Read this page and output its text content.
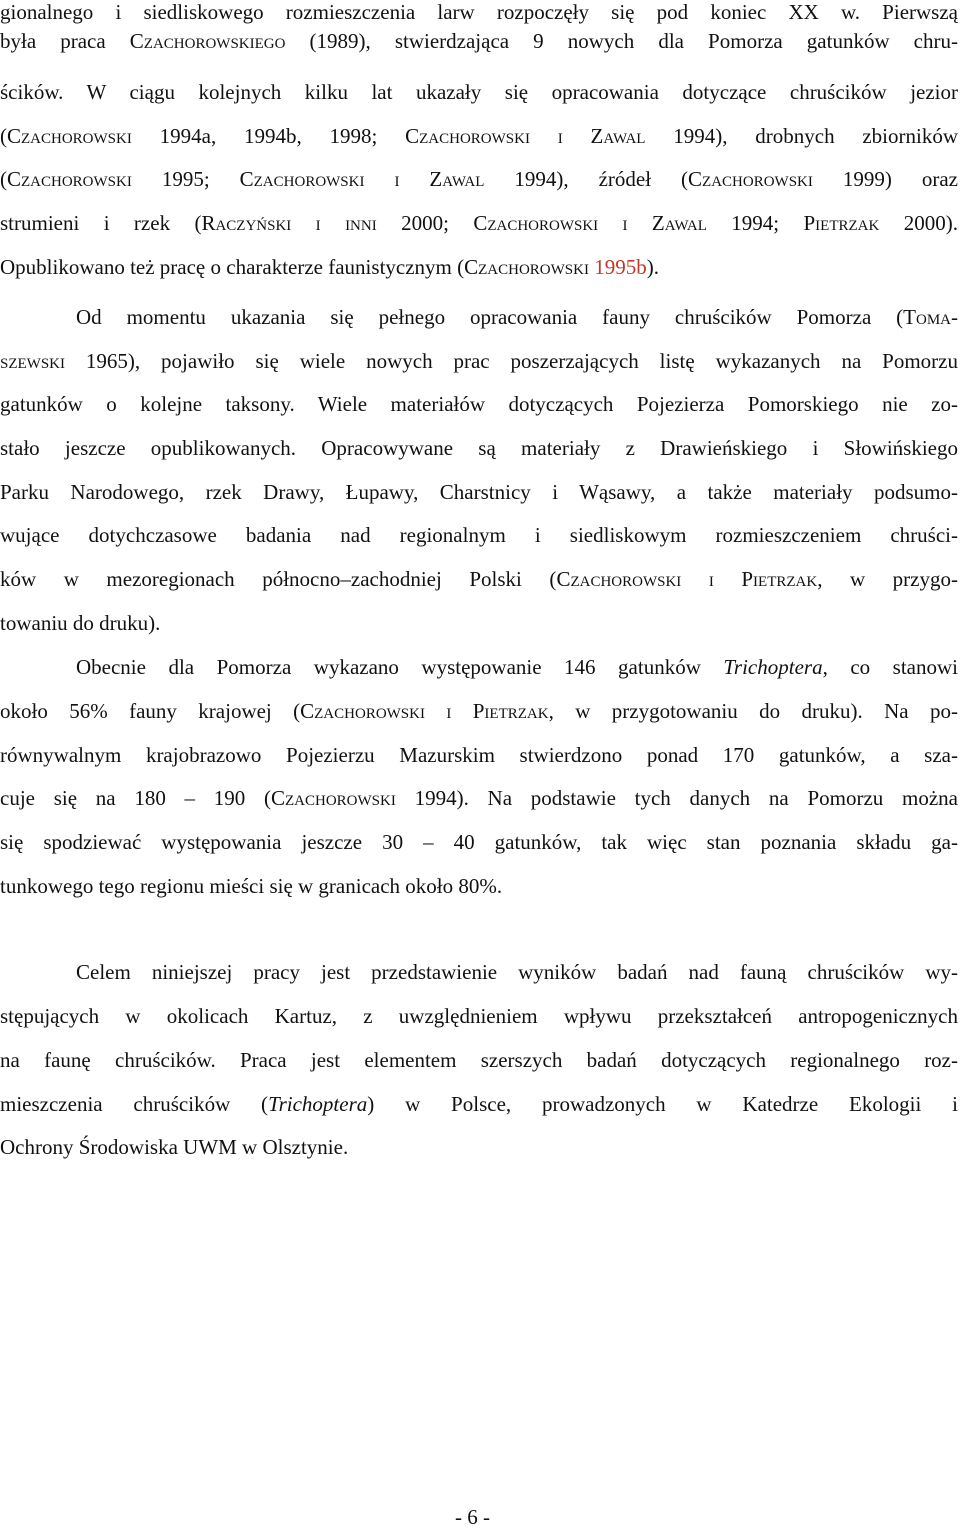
gionalnego i siedliskowego rozmieszczenia larw rozpoczęły się pod koniec XX w. Pierwszą
była praca Czachorowskiego (1989), stwierdzająca 9 nowych dla Pomorza gatunków chru-
ścików. W ciągu kolejnych kilku lat ukazały się opracowania dotyczące chruścików jezior
(Czachorowski 1994a, 1994b, 1998; Czachorowski i Zawal 1994), drobnych zbiorników
(Czachorowski 1995; Czachorowski i Zawal 1994), źródeł (Czachorowski 1999) oraz
strumieni i rzek (Raczyński i inni 2000; Czachorowski i Zawal 1994; Pietrzak 2000).
Opublikowano też pracę o charakterze faunistycznym (Czachorowski 1995b).
Od momentu ukazania się pełnego opracowania fauny chruścików Pomorza (Toma-
szewski 1965), pojawiło się wiele nowych prac poszerzających listę wykazanych na Pomorzu
gatunków o kolejne taksony. Wiele materiałów dotyczących Pojezierza Pomorskiego nie zo-
stało jeszcze opublikowanych. Opracowywane są materiały z Drawieńskiego i Słowińskiego
Parku Narodowego, rzek Drawy, Łupawy, Charstnicy i Wąsawy, a także materiały podsumo-
wujące dotychczasowe badania nad regionalnym i siedliskowym rozmieszczeniem chruści-
ków w mezoregionach północno–zachodniej Polski (Czachorowski i Pietrzak, w przygo-
towaniu do druku).
Obecnie dla Pomorza wykazano występowanie 146 gatunków Trichoptera, co stanowi
około 56% fauny krajowej (Czachorowski i Pietrzak, w przygotowaniu do druku). Na po-
równywalnym krajobrazowo Pojezierzu Mazurskim stwierdzono ponad 170 gatunków, a sza-
cuje się na 180 – 190 (Czachorowski 1994). Na podstawie tych danych na Pomorzu można
się spodziewać występowania jeszcze 30 – 40 gatunków, tak więc stan poznania składu ga-
tunkowego tego regionu mieści się w granicach około 80%.
Celem niniejszej pracy jest przedstawienie wyników badań nad fauną chruścików wy-
stępujących w okolicach Kartuz, z uwzględnieniem wpływu przekształceń antropogenicznych
na faunę chruścików. Praca jest elementem szerszych badań dotyczących regionalnego roz-
mieszczenia chruścików (Trichoptera) w Polsce, prowadzonych w Katedrze Ekologii i
Ochrony Środowiska UWM w Olsztynie.
- 6 -
